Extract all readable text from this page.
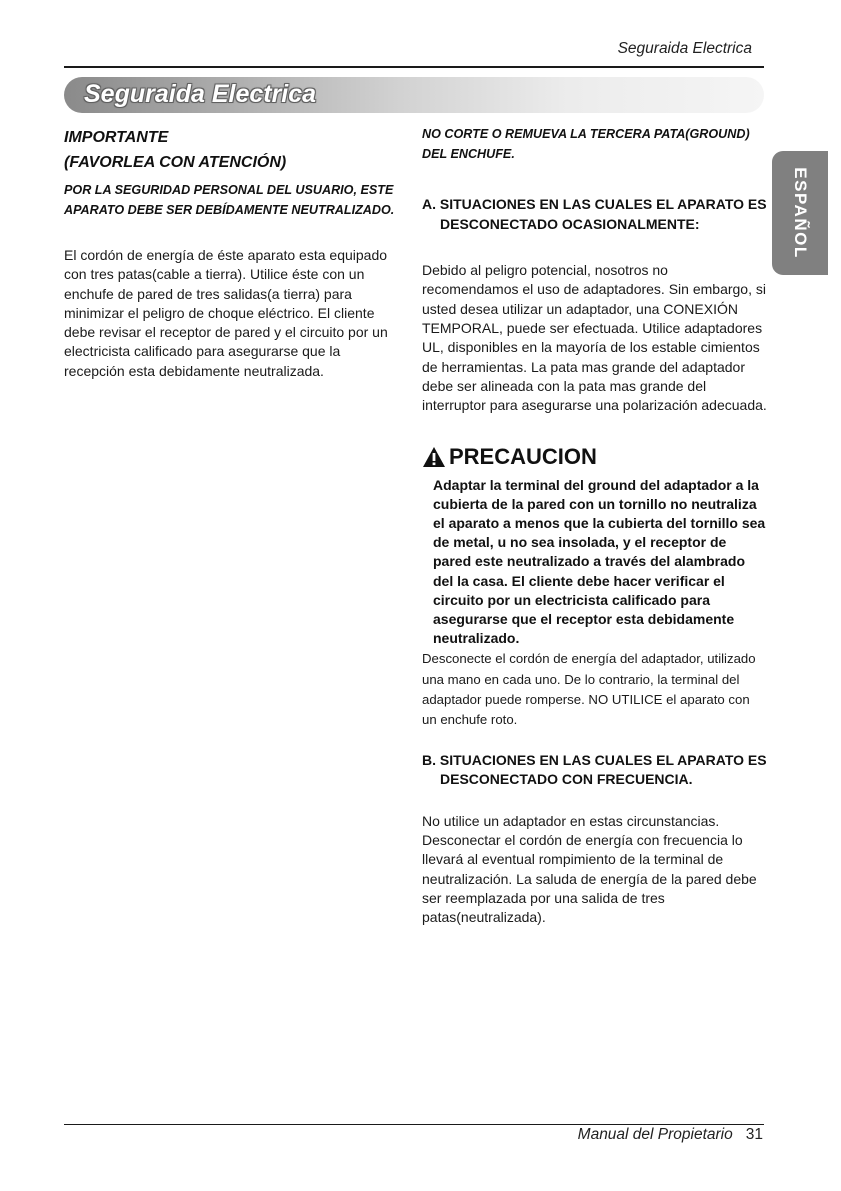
Seguraida Electrica
Seguraida Electrica
ESPAÑOL

IMPORTANTE

(FAVORLEA CON ATENCIÓN)

POR LA SEGURIDAD PERSONAL DEL USUARIO, ESTE APARATO DEBE SER DEBÍDAMENTE NEUTRALIZADO.

El cordón de energía de éste aparato esta equipado con tres patas(cable a tierra). Utilice éste con un enchufe de pared de tres salidas(a tierra) para minimizar el peligro de choque eléctrico. El cliente debe revisar el receptor de pared y el circuito por un electricista calificado para asegurarse que la recepción esta debidamente neutralizada.

NO CORTE O REMUEVA LA TERCERA PATA(GROUND) DEL ENCHUFE.

A. SITUACIONES EN LAS CUALES EL APARATO ES DESCONECTADO OCASIONALMENTE:

Debido al peligro potencial, nosotros no recomendamos el uso de adaptadores. Sin embargo, si usted desea utilizar un adaptador, una CONEXIÓN TEMPORAL, puede ser efectuada. Utilice adaptadores UL, disponibles en la mayoría de los estable cimientos de herramientas. La pata mas grande del adaptador debe ser alineada con la pata mas grande del interruptor para asegurarse una polarización adecuada.

PRECAUCION

Adaptar la terminal del ground del adaptador a la cubierta de la pared con un tornillo no neutraliza el aparato a menos que la cubierta del tornillo sea de metal, u no sea insolada, y el receptor de pared este neutralizado a través del alambrado del la casa. El cliente debe hacer verificar el circuito por un electricista calificado para asegurarse que el receptor esta debidamente neutralizado.

Desconecte el cordón de energía del adaptador, utilizado una mano en cada uno. De lo contrario, la terminal del adaptador puede romperse. NO UTILICE el aparato con un enchufe roto.

B. SITUACIONES EN LAS CUALES EL APARATO ES DESCONECTADO CON FRECUENCIA.

No utilice un adaptador en estas circunstancias. Desconectar el cordón de energía con frecuencia lo llevará al eventual rompimiento de la terminal de neutralización. La saluda de energía de la pared debe ser reemplazada por una salida de tres patas(neutralizada).

Manual del Propietario 31
